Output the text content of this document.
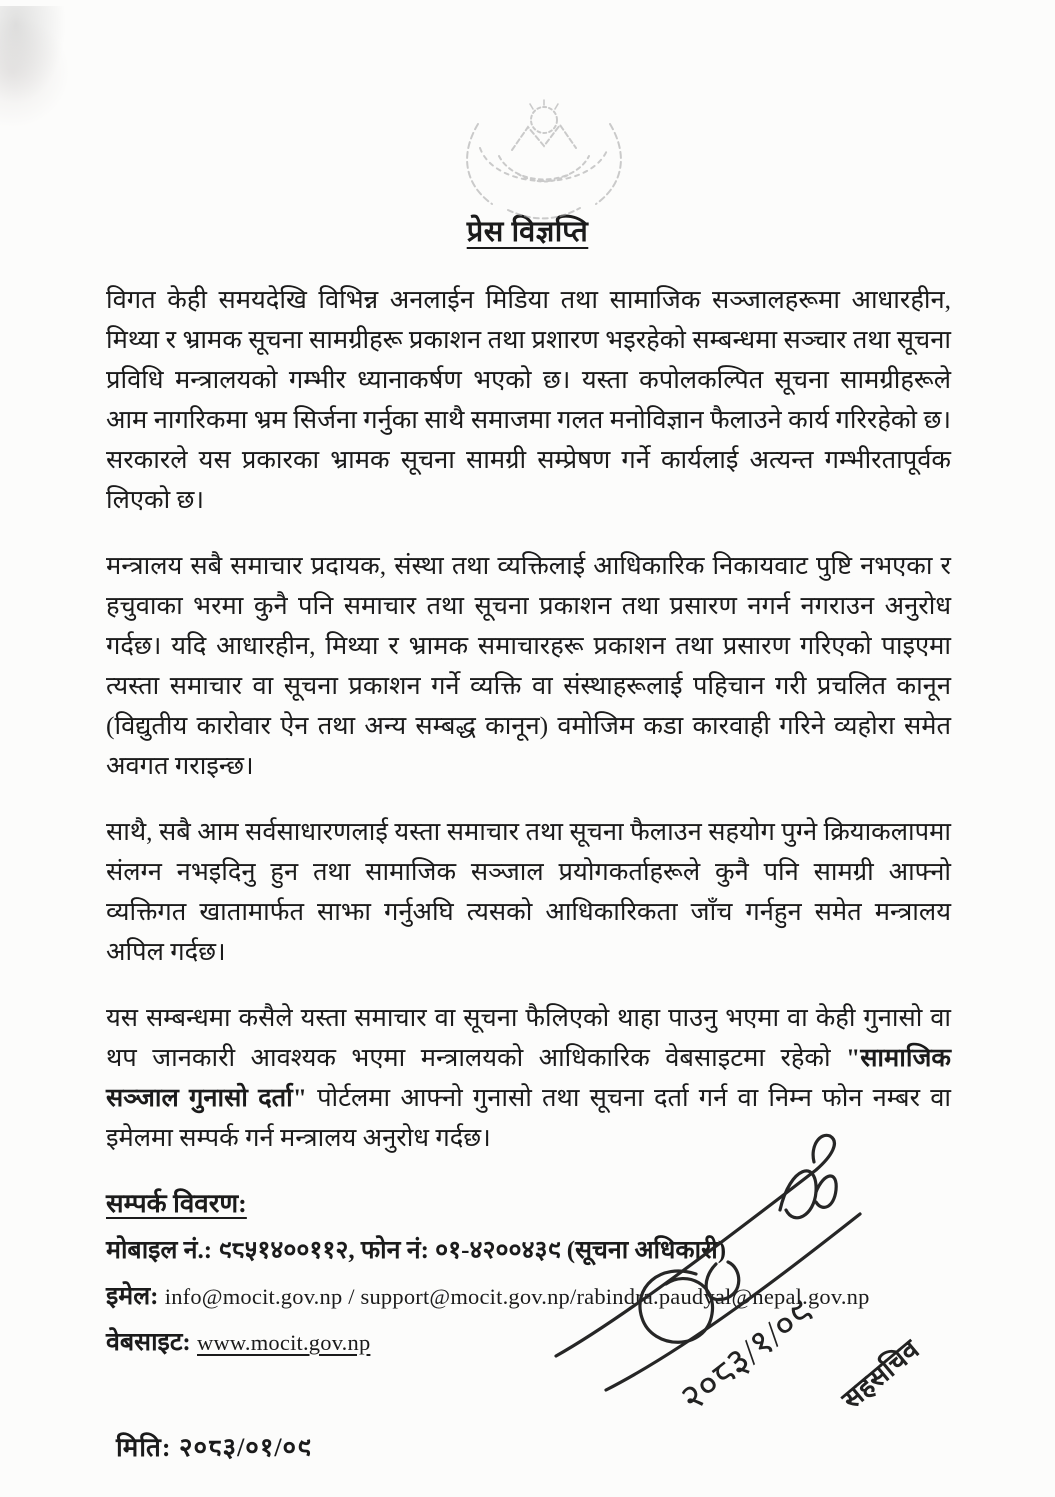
प्रेस विज्ञप्ति

विगत केही समयदेखि विभिन्न अनलाईन मिडिया तथा सामाजिक सञ्जालहरूमा आधारहीन, मिथ्या र भ्रामक सूचना सामग्रीहरू प्रकाशन तथा प्रशारण भइरहेको सम्बन्धमा सञ्चार तथा सूचना प्रविधि मन्त्रालयको गम्भीर ध्यानाकर्षण भएको छ। यस्ता कपोलकल्पित सूचना सामग्रीहरूले आम नागरिकमा भ्रम सिर्जना गर्नुका साथै समाजमा गलत मनोविज्ञान फैलाउने कार्य गरिरहेको छ। सरकारले यस प्रकारका भ्रामक सूचना सामग्री सम्प्रेषण गर्ने कार्यलाई अत्यन्त गम्भीरतापूर्वक लिएको छ।

मन्त्रालय सबै समाचार प्रदायक, संस्था तथा व्यक्तिलाई आधिकारिक निकायवाट पुष्टि नभएका र हचुवाका भरमा कुनै पनि समाचार तथा सूचना प्रकाशन तथा प्रसारण नगर्न नगराउन अनुरोध गर्दछ। यदि आधारहीन, मिथ्या र भ्रामक समाचारहरू प्रकाशन तथा प्रसारण गरिएको पाइएमा त्यस्ता समाचार वा सूचना प्रकाशन गर्ने व्यक्ति वा संस्थाहरूलाई पहिचान गरी प्रचलित कानून (विद्युतीय कारोवार ऐन तथा अन्य सम्बद्ध कानून) वमोजिम कडा कारवाही गरिने व्यहोरा समेत अवगत गराइन्छ।

साथै, सबै आम सर्वसाधारणलाई यस्ता समाचार तथा सूचना फैलाउन सहयोग पुग्ने क्रियाकलापमा संलग्न नभइदिनु हुन तथा सामाजिक सञ्जाल प्रयोगकर्ताहरूले कुनै पनि सामग्री आफ्नो व्यक्तिगत खातामार्फत साझा गर्नुअघि त्यसको आधिकारिकता जाँच गर्नहुन समेत मन्त्रालय अपिल गर्दछ।

यस सम्बन्धमा कसैले यस्ता समाचार वा सूचना फैलिएको थाहा पाउनु भएमा वा केही गुनासो वा थप जानकारी आवश्यक भएमा मन्त्रालयको आधिकारिक वेबसाइटमा रहेको "सामाजिक सञ्जाल गुनासो दर्ता" पोर्टलमा आफ्नो गुनासो तथा सूचना दर्ता गर्न वा निम्न फोन नम्बर वा इमेलमा सम्पर्क गर्न मन्त्रालय अनुरोध गर्दछ।

सम्पर्क विवरण:

मोबाइल नं.: ९८५१४००११२, फोन नं: ०१-४२००४३९ (सूचना अधिकारी)

इमेल: info@mocit.gov.np / support@mocit.gov.np/rabindra.paudyal@nepal.gov.np

वेबसाइट: www.mocit.gov.np

मिति: २०८३/०१/०९

२०८३/१/०९ सहसचिव
